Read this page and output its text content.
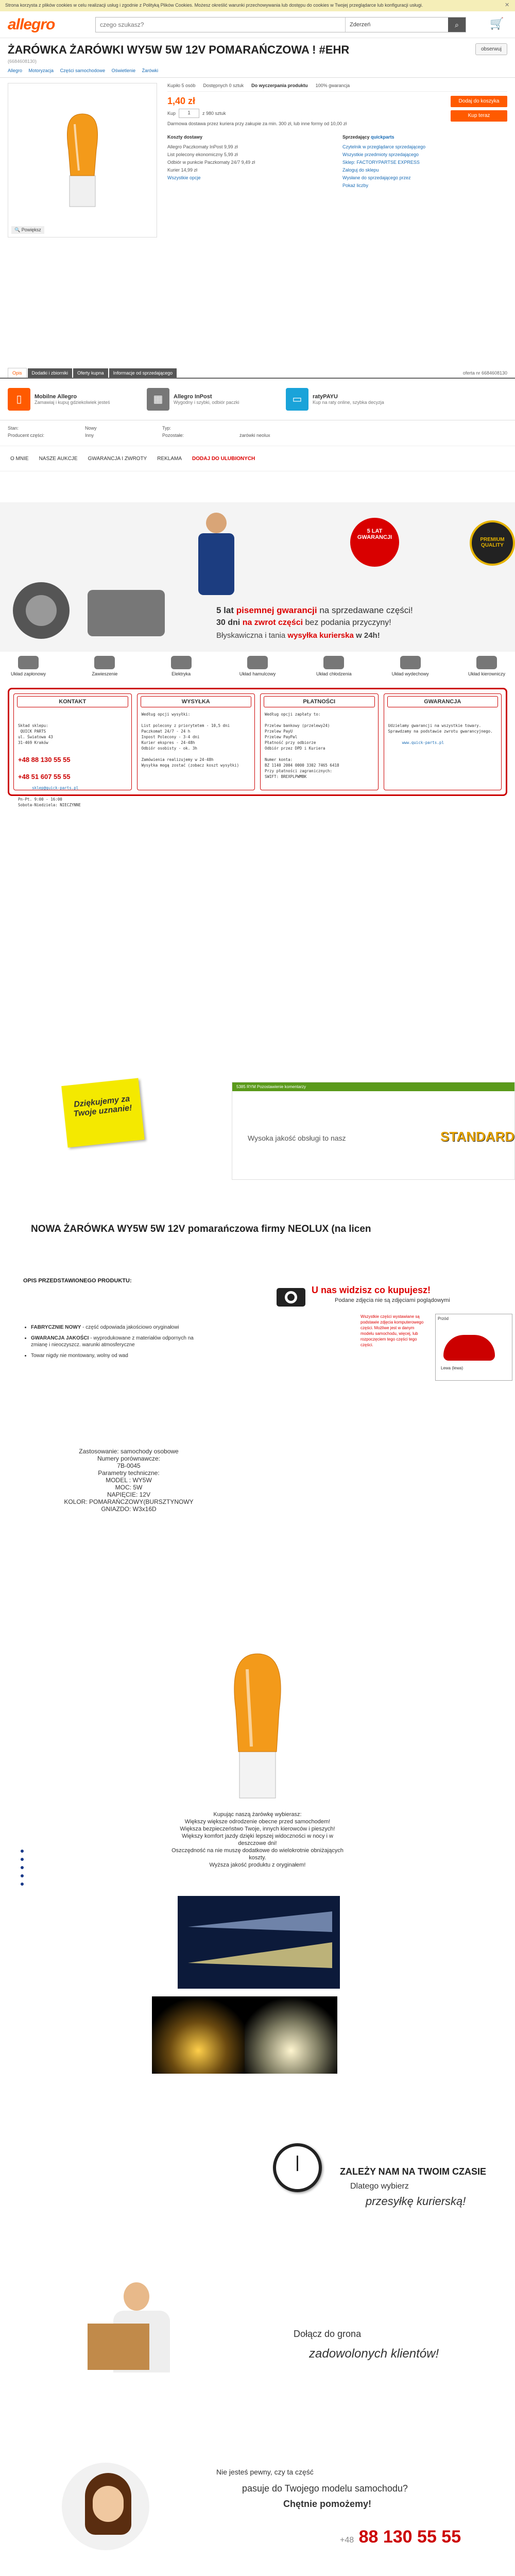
Strona korzysta z plików cookies w celu realizacji usług i zgodnie z Polityką Plików Cookies. Możesz określić warunki przechowywania lub dostępu do cookies w Twojej przeglądarce lub konfiguracji usługi.	✕
allegro
czego szukasz?	Zderzeń	⌕	🛒
ŻARÓWKA ŻARÓWKI WY5W 5W 12V POMARAŃCZOWA ! #EHR	obserwuj
(6684608130)
Allegro Motoryzacja Części samochodowe Oświetlenie Żarówki
🔍 Powiększ
Kupiło 5 osób Dostępnych 0 sztuk Do wyczerpania produktu 100% gwarancja
1,40 zł
Kup	1	z 980 sztuk
Darmowa dostawa przez kuriera przy zakupie za min. 300 zł, lub inne formy od 10,00 zł
Dodaj do koszyka
Kup teraz
Koszty dostawy
Allegro Paczkomaty InPost 9,99 zł
List polecony ekonomiczny 5,99 zł
Odbiór w punkcie Paczkomaty 24/7 9,49 zł
Kurier 14,99 zł
Wszystkie opcje
Sprzedający quickparts
Czytelnik w przeglądarce sprzedającego
Wszystkie przedmioty sprzedającego
Sklep: FACTORYPARTSE EXPRESS
Zaloguj do sklepu
Wysłane do sprzedającego przez
Pokaż liczby
Opis	Dodatki i zbiorniki	Oferty kupna	Informacje od sprzedającego	oferta nr 6684608130
▯	Mobilne Allegro
Zamawiaj i kupuj gdziekolwiek jesteś	▦	Allegro InPost
Wygodny i szybki, odbiór paczki	▭	ratyPAYU
Kup na raty online, szybka decyzja
Stan:	Nowy	Typ:	
Producent części:	Inny	Pozostałe:	żarówki neolux
O MNIE NASZE AUKCJE GWARANCJA I ZWROTY REKLAMA DODAJ DO ULUBIONYCH
5 LAT GWARANCJI	PREMIUM QUALITY
5 lat pisemnej gwarancji na sprzedawane części!
30 dni na zwrot części bez podania przyczyny!
Błyskawiczna i tania wysyłka kurierska w 24h!
Układ zapłonowy	Zawieszenie	Elektryka	Układ hamulcowy	Układ chłodzenia	Układ wydechowy	Układ kierowniczy
KONTAKT

Skład sklepu:
QUICK PARTS
ul. Światowa 43
31-469 Kraków

+48 88 130 55 55

+48 51 607 55 55

sklep@quick-parts.pl

Pn-Pt. 9:00 - 16:00
Sobota-Niedziela: NIECZYNNE

WYSYŁKA
Według opcji wysyłki:

List polecony z priorytetem - 10,5 dni
Paczkomat 24/7 - 24 h
Inpost Polecony - 3-4 dni
Kurier ekspres - 24-48h
Odbiór osobisty - ok. 3h

Zamówienia realizujemy w 24-48h
Wysyłka mogą zostać (zobacz koszt wysyłki)
PŁATNOŚCI
Według opcji zapłaty to:

Przelew bankowy (przelewy24)
Przelew PayU
Przelew PayPal
Płatność przy odbiorze
Odbiór przez DPD i Kuriera

Numer konta:
BZ 1140 2004 0000 3302 7465 6418
Przy płatności zagranicznych:
SWIFT: BREXPLPWMBK
GWARANCJA

Udzielamy gwarancji na wszystkie towary.
Sprawdzamy na podstawie zwrotu gwarancyjnego.

www.quick-parts.pl

Dziękujemy za Twoje uznanie!
5385 RYM Pozostawienie komentarzy
Wysoka jakość obsługi to nasz	STANDARD
NOWA ŻARÓWKA WY5W 5W 12V pomarańczowa firmy NEOLUX (na licen
OPIS PRZEDSTAWIONEGO PRODUKTU:
• FABRYCZNIE NOWY - część odpowiada jakościowo oryginałowi
• GWARANCJA JAKOŚCI - wyprodukowane z materiałów odpornych na zmianę i nieoczyszcz. warunki atmosferyczne
• Towar nigdy nie montowany, wolny od wad
U nas widzisz co kupujesz!
Podane zdjęcia nie są zdjęciami poglądowymi
Wszystkie części wystawiane są podstawie zdjęcia komputerowego części. Możliwe jest w danym modelu samochodu, więcej, lub rozpoczęciem tego części tego części.
Przód
Lewa (lewa)
Zastosowanie: samochody osobowe
Numery porównawcze:
7B-0045
Parametry techniczne:
MODEL : WY5W
MOC: 5W
NAPIĘCIE: 12V
KOLOR: POMARAŃCZOWY(BURSZTYNOWY
GNIAZDO: W3x16D
Kupując naszą żarówkę wybierasz:
Większy większe odrodzenie obecne przed samochodem!
Większa bezpieczeństwo Twoje, innych kierowców i pieszych!
Większy komfort jazdy dzięki lepszej widoczności w nocy i w deszczowe dni!
Oszczędność na nie muszę dodatkowe do wielokrotnie obniżających koszty.
Wyższa jakość produktu z oryginałem!
ZALEŻY NAM NA TWOIM CZASIE
Dlatego wybierz
przesyłkę kurierską!
Dołącz do grona
zadowolonych klientów!
Nie jesteś pewny, czy ta część
pasuje do Twojego modelu samochodu?
Chętnie pomożemy!
+48 88 130 55 55
